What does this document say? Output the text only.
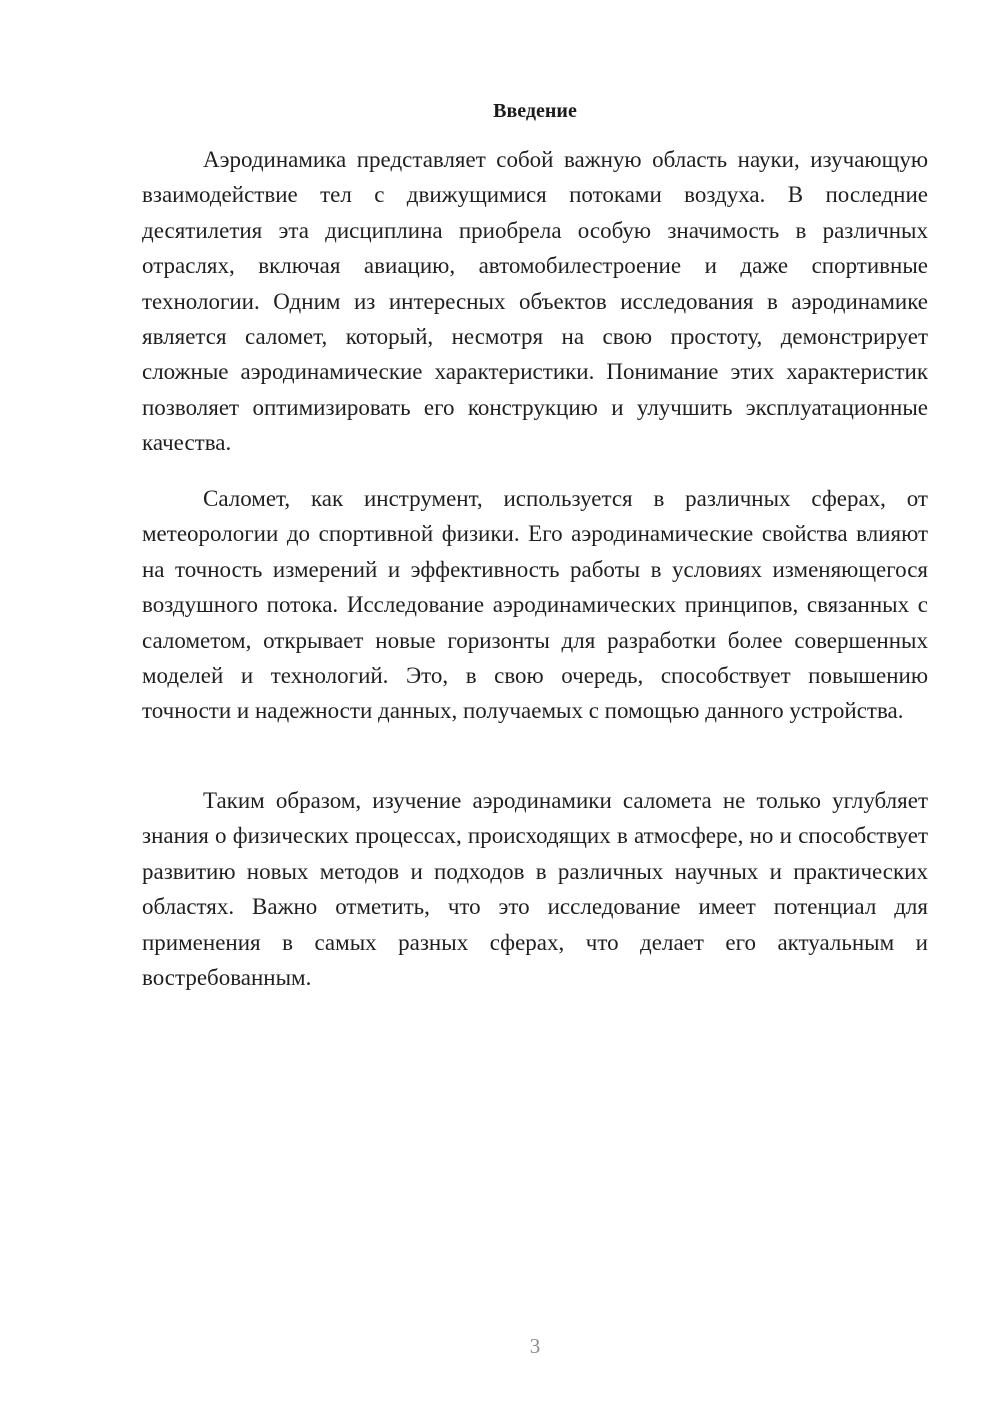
Введение

Аэродинамика представляет собой важную область науки, изучающую взаимодействие тел с движущимися потоками воздуха. В последние десятилетия эта дисциплина приобрела особую значимость в различных отраслях, включая авиацию, автомобилестроение и даже спортивные технологии. Одним из интересных объектов исследования в аэродинамике является саломет, который, несмотря на свою простоту, демонстрирует сложные аэродинамические характеристики. Понимание этих характеристик позволяет оптимизировать его конструкцию и улучшить эксплуатационные качества.

Саломет, как инструмент, используется в различных сферах, от метеорологии до спортивной физики. Его аэродинамические свойства влияют на точность измерений и эффективность работы в условиях изменяющегося воздушного потока. Исследование аэродинамических принципов, связанных с салометом, открывает новые горизонты для разработки более совершенных моделей и технологий. Это, в свою очередь, способствует повышению точности и надежности данных, получаемых с помощью данного устройства.

Таким образом, изучение аэродинамики саломета не только углубляет знания о физических процессах, происходящих в атмосфере, но и способствует развитию новых методов и подходов в различных научных и практических областях. Важно отметить, что это исследование имеет потенциал для применения в самых разных сферах, что делает его актуальным и востребованным.

3
